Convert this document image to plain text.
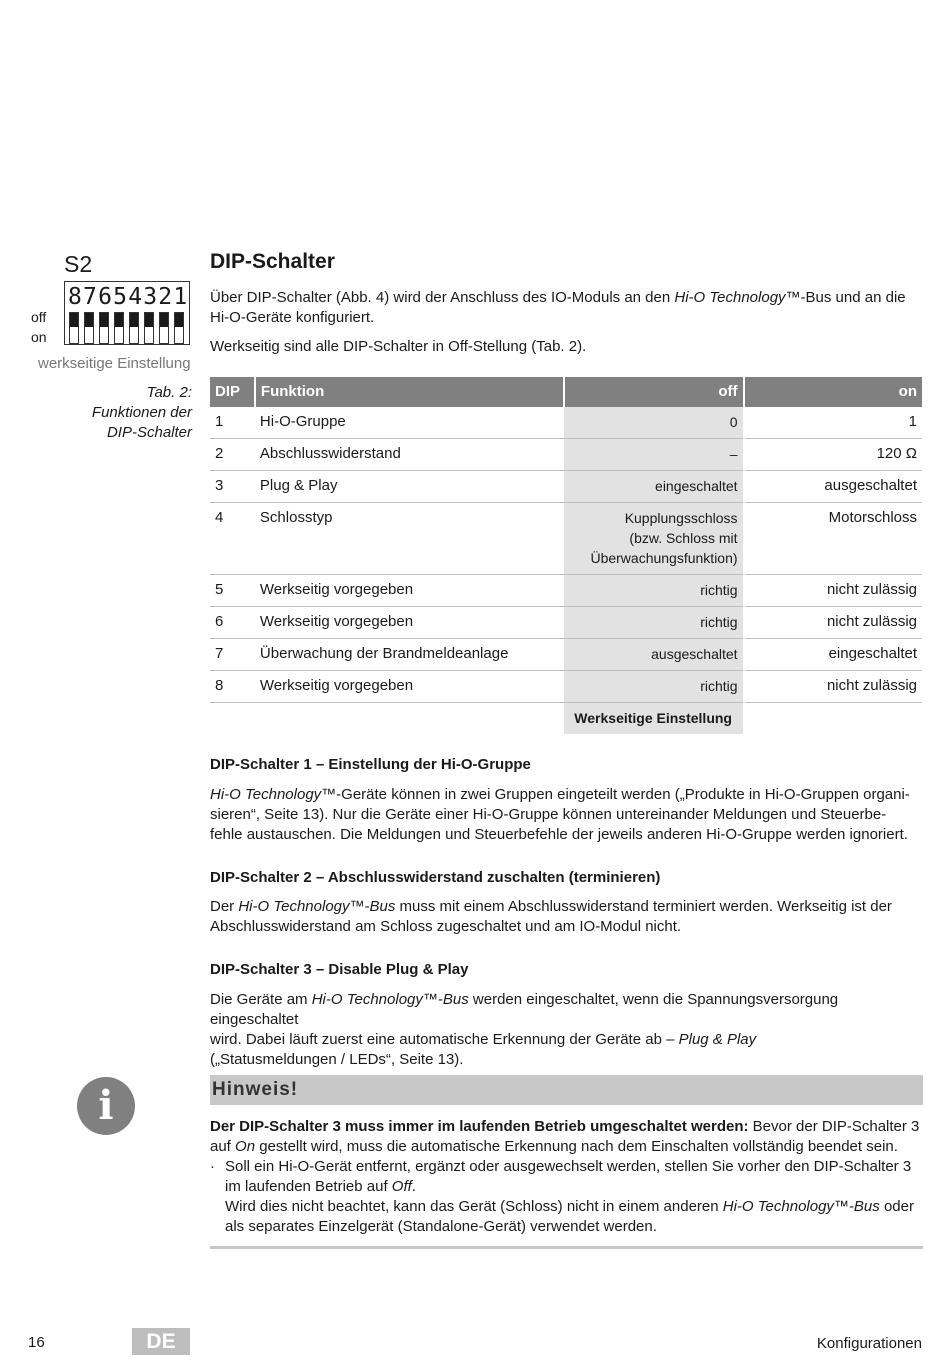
S2
87654321
off
on
werkseitige Einstellung
Tab. 2:
Funktionen der
DIP-Schalter
DIP-Schalter
Über DIP-Schalter (Abb. 4) wird der Anschluss des IO-Moduls an den Hi-O Technology™-Bus und an die
Hi-O-Geräte konfiguriert.
Werkseitig sind alle DIP-Schalter in Off-Stellung (Tab. 2).
DIP	Funktion	off	on
1	Hi-O-Gruppe	0	1
2	Abschlusswiderstand	–	120 Ω
3	Plug & Play	eingeschaltet	ausgeschaltet
4	Schlosstyp	Kupplungsschloss
(bzw. Schloss mit
Überwachungsfunktion)	Motorschloss
5	Werkseitig vorgegeben	richtig	nicht zulässig
6	Werkseitig vorgegeben	richtig	nicht zulässig
7	Überwachung der Brandmeldeanlage	ausgeschaltet	eingeschaltet
8	Werkseitig vorgegeben	richtig	nicht zulässig
		Werkseitige Einstellung	
DIP-Schalter 1 – Einstellung der Hi-O-Gruppe
Hi-O Technology™-Geräte können in zwei Gruppen eingeteilt werden („Produkte in Hi-O-Gruppen organi-
sieren“, Seite 13). Nur die Geräte einer Hi-O-Gruppe können untereinander Meldungen und Steuerbe-
fehle austauschen. Die Meldungen und Steuerbefehle der jeweils anderen Hi-O-Gruppe werden ignoriert.
DIP-Schalter 2 – Abschlusswiderstand zuschalten (terminieren)
Der Hi-O Technology™-Bus muss mit einem Abschlusswiderstand terminiert werden. Werkseitig ist der
Abschlusswiderstand am Schloss zugeschaltet und am IO-Modul nicht.
DIP-Schalter 3 – Disable Plug & Play
Die Geräte am Hi-O Technology™-Bus werden eingeschaltet, wenn die Spannungsversorgung eingeschaltet
wird. Dabei läuft zuerst eine automatische Erkennung der Geräte ab – Plug & Play
(„Statusmeldungen / LEDs“, Seite 13).
i	Hinweis!
Der DIP-Schalter 3 muss immer im laufenden Betrieb umgeschaltet werden: Bevor der DIP-Schalter 3
auf On gestellt wird, muss die automatische Erkennung nach dem Einschalten vollständig beendet sein.
· Soll ein Hi-O-Gerät entfernt, ergänzt oder ausgewechselt werden, stellen Sie vorher den DIP-Schalter 3
im laufenden Betrieb auf Off.
Wird dies nicht beachtet, kann das Gerät (Schloss) nicht in einem anderen Hi-O Technology™-Bus oder
als separates Einzelgerät (Standalone-Gerät) verwendet werden.
16	DE	Konfigurationen
